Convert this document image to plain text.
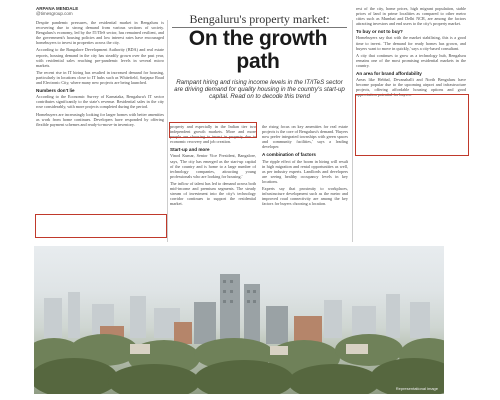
ARPANA MENDALE
@timesgroup.com

Despite pandemic pressures, the residential market in Bengaluru is recovering due to strong demand from various sections of society. Bengaluru's economy, led by the IT/ITeS sector, has remained resilient, and the government's housing policies and low interest rates have encouraged homebuyers to invest in properties across the city.

According to the Bangalore Development Authority (BDA) and real estate reports, housing demand in the city has steadily grown over the past year, with residential sales reaching pre-pandemic levels in several micro markets.

The recent rise in IT hiring has resulted in increased demand for housing, particularly in locations close to IT hubs such as Whitefield, Sarjapur Road and Electronic City, where many new projects are being launched.

Numbers don't lie

According to the Economic Survey of Karnataka, Bengaluru's IT sector contributes significantly to the state's revenue. Residential sales in the city rose considerably, with more projects completed during the period.

Homebuyers are increasingly looking for larger homes with better amenities as work from home continues. Developers have responded by offering flexible payment schemes and ready-to-move-in inventory.

Bengaluru's property market:
On the growth path
Rampant hiring and rising income levels in the IT/ITeS sector are driving demand for quality housing in the country's start-up capital. Read on to decode this trend

property and especially in the Indian tier two independent growth markets. More and more people are choosing to invest in property due to economic recovery and job creation.

Start-up and more

Vinod Kumar, Senior Vice President, Bangalore, says, 'The city has emerged as the start-up capital of the country and is home to a large number of technology companies, attracting young professionals who are looking for housing.'

The inflow of talent has led to demand across both mid-income and premium segments. The steady stream of investment into the city's technology corridor continues to support the residential market.

the rising focus on key amenities for real estate projects is the core of Bengaluru's demand. 'Buyers now prefer integrated townships with green spaces and community facilities,' says a leading developer.

A combination of factors

The ripple effect of the boom in hiring will result in high migration and rental opportunities as well, as per industry experts. Landlords and developers are seeing healthy occupancy levels in key locations.

Experts say that proximity to workplaces, infrastructure development such as the metro and improved road connectivity are among the key factors for buyers choosing a location.

rest of the city, home prices, high migrant population, stable prices of land in prime localities as compared to other metro cities such as Mumbai and Delhi NCR, are among the factors attracting investors and end users to the city's property market.

To buy or not to buy?

Homebuyers say that with the market stabilising, this is a good time to invest. 'The demand for ready homes has grown, and buyers want to move in quickly,' says a city-based consultant.

A city that continues to grow as a technology hub, Bengaluru remains one of the most promising residential markets in the country.

An area for brand affordability

Areas like Hebbal, Devanahalli and North Bengaluru have become popular due to the upcoming airport and infrastructure projects, offering affordable housing options and good appreciation potential for buyers.

Representational image
